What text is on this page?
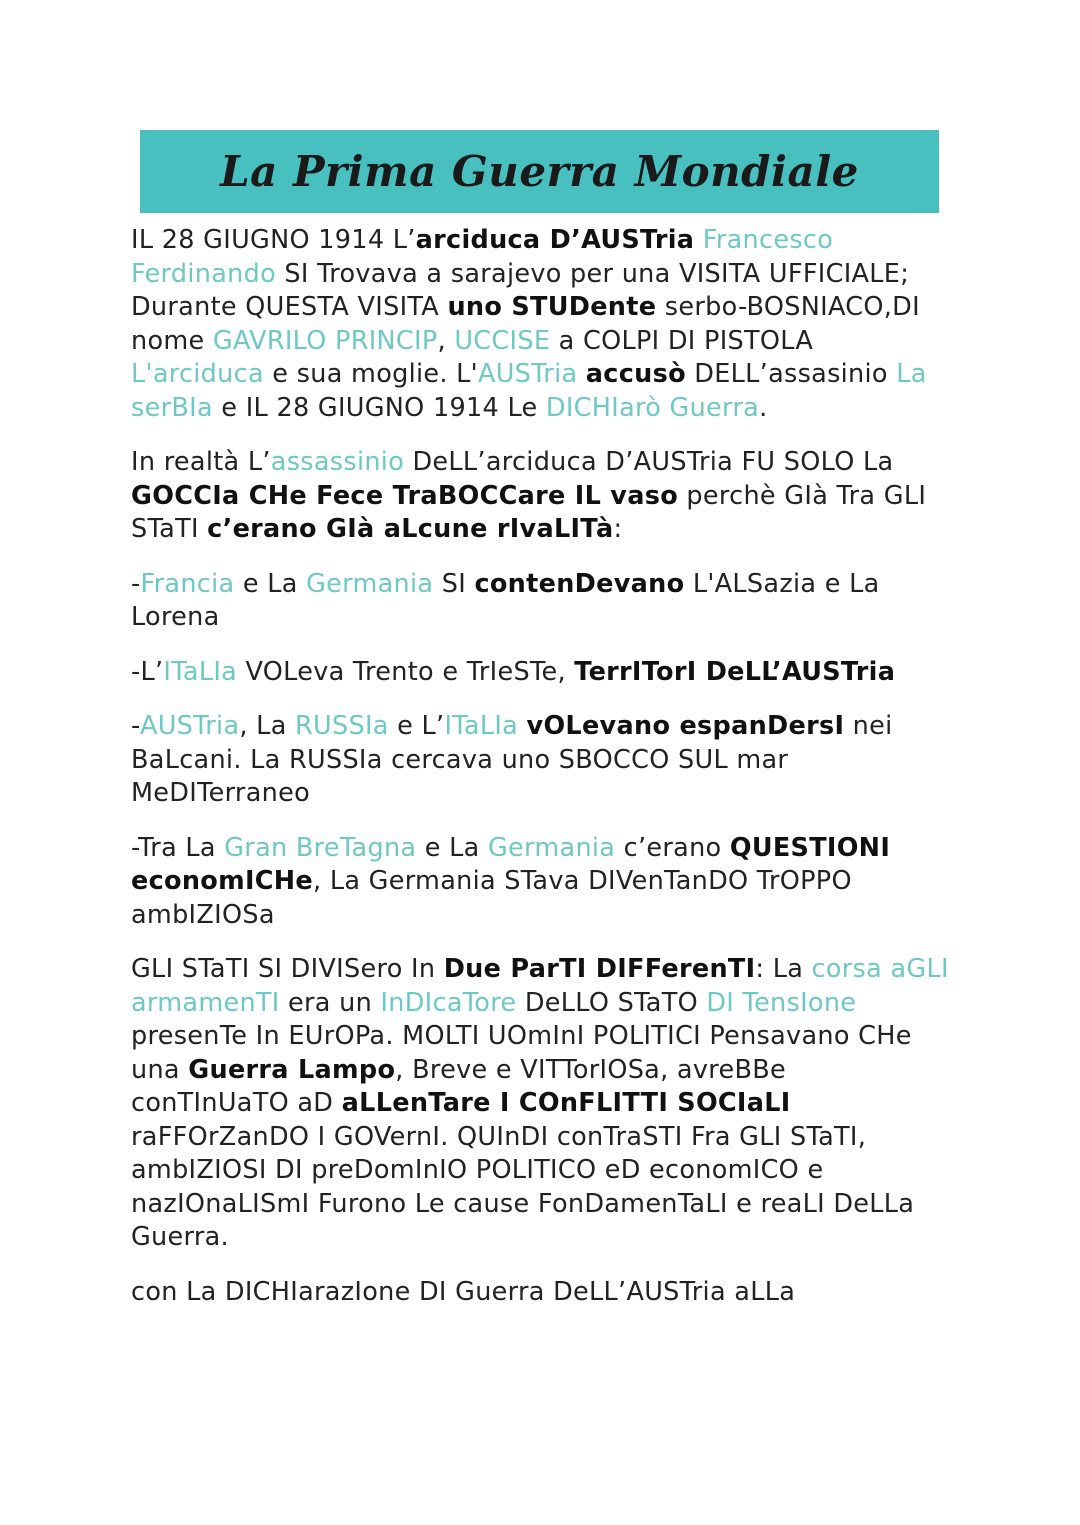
La Prima Guerra Mondiale

IL 28 GIUGNO 1914 L’arciduca D’AUSTria Francesco Ferdinando SI Trovava a sarajevo per una VISITA UFFICIALE; Durante QUESTA VISITA uno STUDente serbo-BOSNIACO,DI nome GAVRILO PRINCIP, UCCISE a COLPI DI PISTOLA L'arciduca e sua moglie. L'AUSTria accusò DELL’assasinio La serBIa e IL 28 GIUGNO 1914 Le DICHIarò Guerra.

In realtà L’assassinio DeLL’arciduca D’AUSTria FU SOLO La GOCCIa CHe Fece TraBOCCare IL vaso perchè GIà Tra GLI STaTI c’erano GIà aLcune rIvaLITà:

-Francia e La Germania SI contenDevano L'ALSazia e La Lorena

-L’ITaLIa VOLeva Trento e TrIeSTe, TerrITorI DeLL’AUSTria

-AUSTria, La RUSSIa e L’ITaLIa vOLevano espanDersI nei BaLcani. La RUSSIa cercava uno SBOCCO SUL mar MeDITerraneo

-Tra La Gran BreTagna e La Germania c’erano QUESTIONI economICHe, La Germania STava DIVenTanDO TrOPPO ambIZIOSa

GLI STaTI SI DIVISero In Due ParTI DIFFerenTI: La corsa aGLI armamenTI era un InDIcaTore DeLLO STaTO DI TensIone presenTe In EUrOPa. MOLTI UOmInI POLITICI Pensavano CHe una Guerra Lampo, Breve e VITTorIOSa, avreBBe conTInUaTO aD aLLenTare I COnFLITTI SOCIaLI raFFOrZanDO I GOVernI. QUInDI conTraSTI Fra GLI STaTI, ambIZIOSI DI preDomInIO POLITICO eD economICO e nazIOnaLISmI Furono Le cause FonDamenTaLI e reaLI DeLLa Guerra.

con La DICHIarazIone DI Guerra DeLL’AUSTria aLLa
